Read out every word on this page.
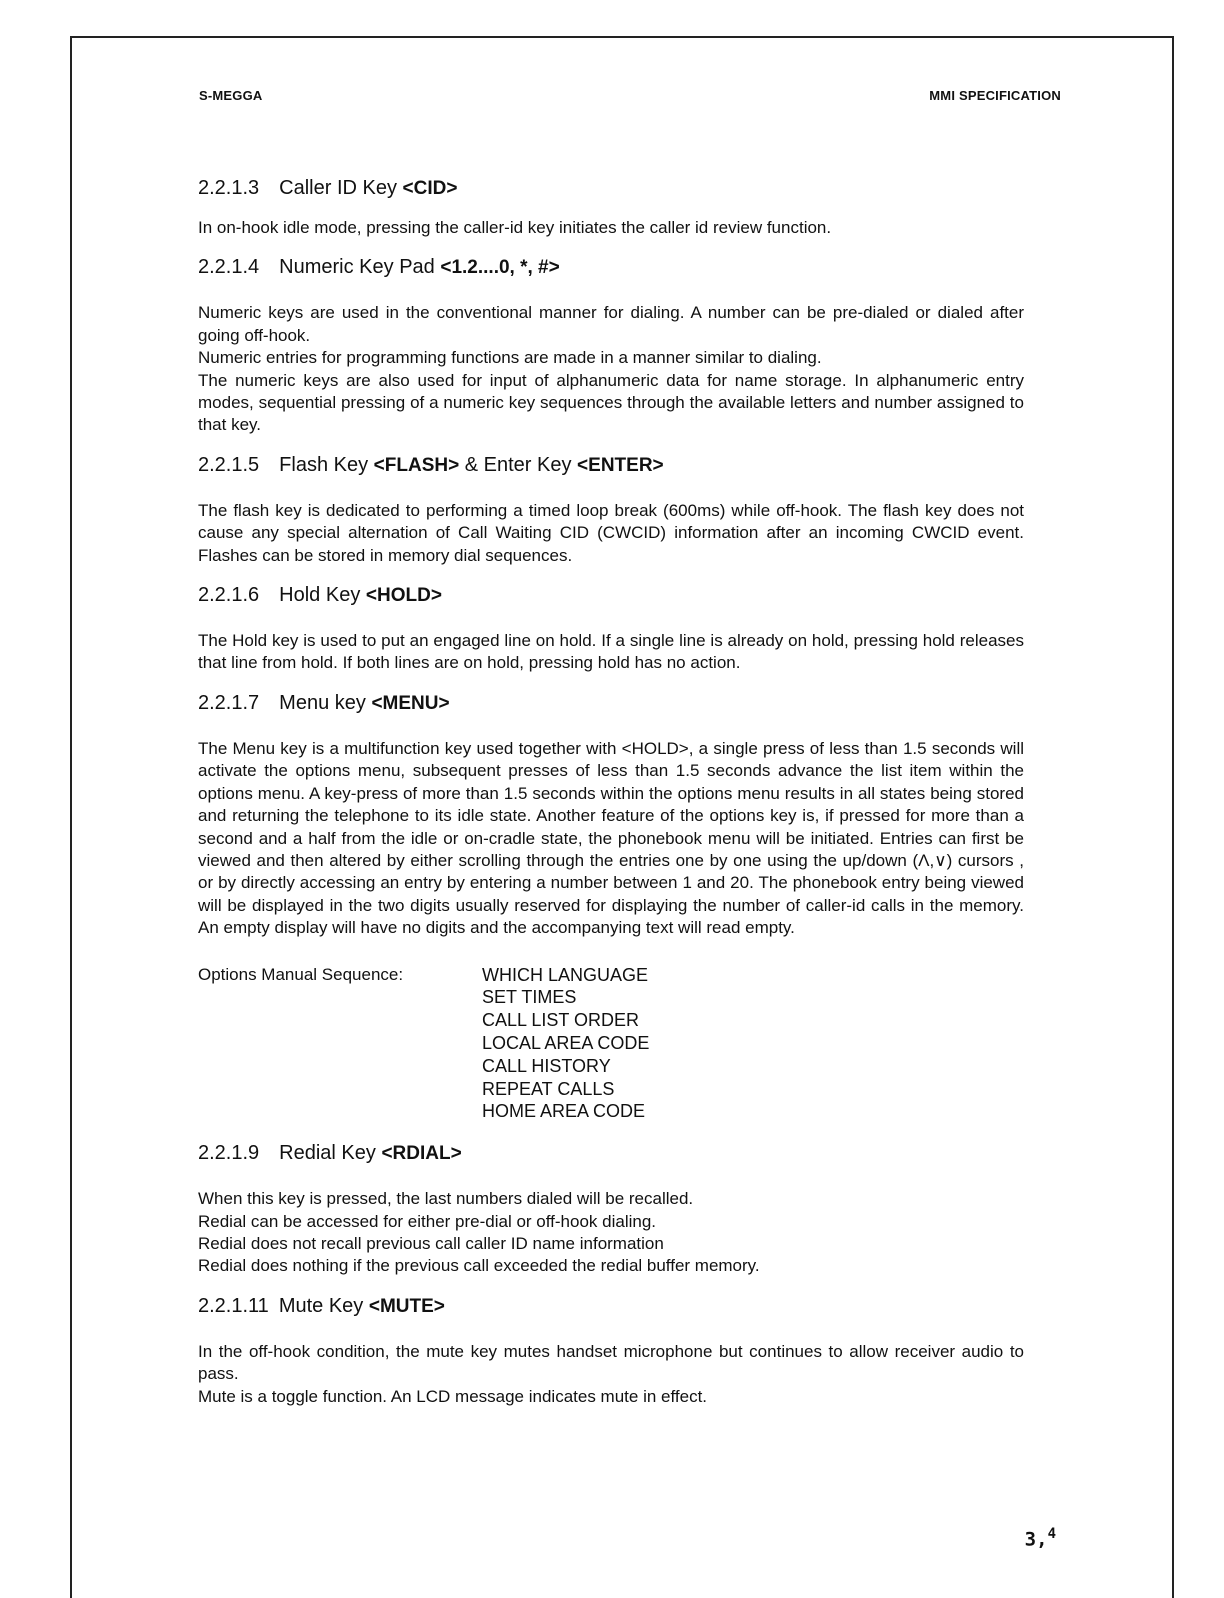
S-MEGGA	MMI SPECIFICATION
2.2.1.3 Caller ID Key <CID>

In on-hook idle mode, pressing the caller-id key initiates the caller id review function.

2.2.1.4 Numeric Key Pad <1.2....0, *, #>

Numeric keys are used in the conventional manner for dialing. A number can be pre-dialed or dialed after going off-hook.

Numeric entries for programming functions are made in a manner similar to dialing.

The numeric keys are also used for input of alphanumeric data for name storage. In alphanumeric entry modes, sequential pressing of a numeric key sequences through the available letters and number assigned to that key.

2.2.1.5 Flash Key <FLASH> & Enter Key <ENTER>

The flash key is dedicated to performing a timed loop break (600ms) while off-hook. The flash key does not cause any special alternation of Call Waiting CID (CWCID) information after an incoming CWCID event. Flashes can be stored in memory dial sequences.

2.2.1.6 Hold Key <HOLD>

The Hold key is used to put an engaged line on hold. If a single line is already on hold, pressing hold releases that line from hold. If both lines are on hold, pressing hold has no action.

2.2.1.7 Menu key <MENU>

The Menu key is a multifunction key used together with <HOLD>, a single press of less than 1.5 seconds will activate the options menu, subsequent presses of less than 1.5 seconds advance the list item within the options menu. A key-press of more than 1.5 seconds within the options menu results in all states being stored and returning the telephone to its idle state. Another feature of the options key is, if pressed for more than a second and a half from the idle or on-cradle state, the phonebook menu will be initiated. Entries can first be viewed and then altered by either scrolling through the entries one by one using the up/down (Λ,∨) cursors , or by directly accessing an entry by entering a number between 1 and 20. The phonebook entry being viewed will be displayed in the two digits usually reserved for displaying the number of caller-id calls in the memory. An empty display will have no digits and the accompanying text will read empty.

Options Manual Sequence:	WHICH LANGUAGE
SET TIMES
CALL LIST ORDER
LOCAL AREA CODE
CALL HISTORY
REPEAT CALLS
HOME AREA CODE
2.2.1.9 Redial Key <RDIAL>

When this key is pressed, the last numbers dialed will be recalled.

Redial can be accessed for either pre-dial or off-hook dialing.

Redial does not recall previous call caller ID name information

Redial does nothing if the previous call exceeded the redial buffer memory.

2.2.1.11 Mute Key <MUTE>

In the off-hook condition, the mute key mutes handset microphone but continues to allow receiver audio to pass.

Mute is a toggle function. An LCD message indicates mute in effect.

3,$^4$
